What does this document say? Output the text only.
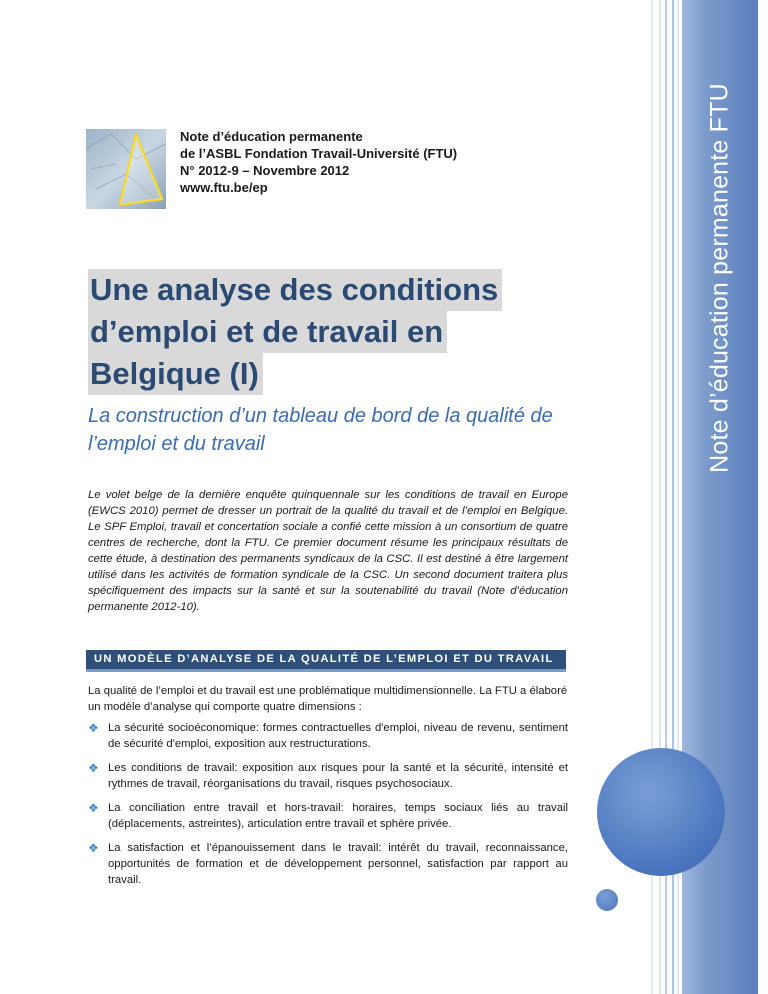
Note d’éducation permanente FTU
Note d’éducation permanente
de l’ASBL Fondation Travail-Université (FTU)
N° 2012-9 – Novembre 2012
www.ftu.be/ep
Une analyse des conditions
d’emploi et de travail en
Belgique (I)
La construction d’un tableau de bord de la qualité de l’emploi et du travail
Le volet belge de la dernière enquête quinquennale sur les conditions de travail en Europe (EWCS 2010) permet de dresser un portrait de la qualité du travail et de l’emploi en Belgique. Le SPF Emploi, travail et concertation sociale a confié cette mission à un consortium de quatre centres de recherche, dont la FTU. Ce premier document résume les principaux résultats de cette étude, à destination des permanents syndicaux de la CSC. Il est destiné à être largement utilisé dans les activités de formation syndicale de la CSC. Un second document traitera plus spécifiquement des impacts sur la santé et sur la soutenabilité du travail (Note d’éducation permanente 2012-10).
UN MODÈLE D’ANALYSE DE LA QUALITÉ DE L’EMPLOI ET DU TRAVAIL
La qualité de l’emploi et du travail est une problématique multidimensionnelle. La FTU a élaboré un modèle d’analyse qui comporte quatre dimensions :
❖ La sécurité socioéconomique: formes contractuelles d'emploi, niveau de revenu, sentiment de sécurité d'emploi, exposition aux restructurations.
❖ Les conditions de travail: exposition aux risques pour la santé et la sécurité, intensité et rythmes de travail, réorganisations du travail, risques psychosociaux.
❖ La conciliation entre travail et hors-travail: horaires, temps sociaux liés au travail (déplacements, astreintes), articulation entre travail et sphère privée.
❖ La satisfaction et l’épanouissement dans le travail: intérêt du travail, reconnaissance, opportunités de formation et de développement personnel, satisfaction par rapport au travail.
